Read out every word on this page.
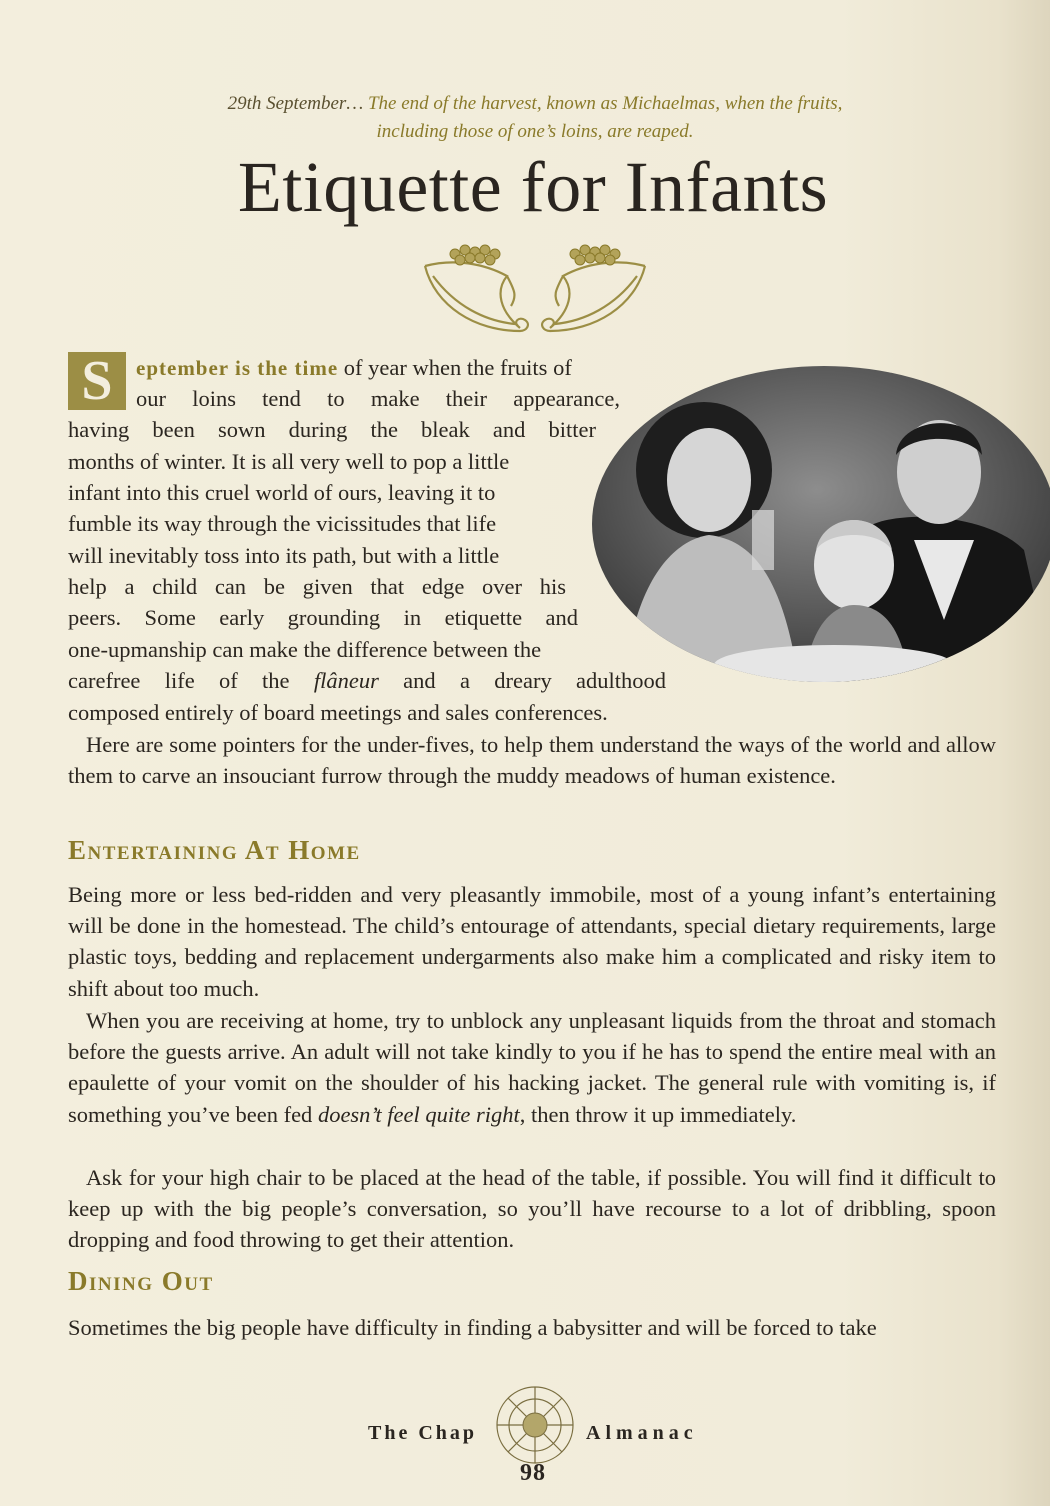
29th September… The end of the harvest, known as Michaelmas, when the fruits,
including those of one’s loins, are reaped.
Etiquette for Infants
S	eptember is the time of year when the fruits of
our loins tend to make their appearance,
having been sown during the bleak and bitter
months of winter. It is all very well to pop a little
infant into this cruel world of ours, leaving it to
fumble its way through the vicissitudes that life
will inevitably toss into its path, but with a little
help a child can be given that edge over his
peers. Some early grounding in etiquette and
one-upmanship can make the difference between the
carefree life of the flâneur and a dreary adulthood
composed entirely of board meetings and sales conferences.
Here are some pointers for the under-fives, to help them understand the ways of the world and allow them to carve an insouciant furrow through the muddy meadows of human existence.
Entertaining At Home
Being more or less bed-ridden and very pleasantly immobile, most of a young infant’s entertaining will be done in the homestead. The child’s entourage of attendants, special dietary requirements, large plastic toys, bedding and replacement undergarments also make him a complicated and risky item to shift about too much.
When you are receiving at home, try to unblock any unpleasant liquids from the throat and stomach before the guests arrive. An adult will not take kindly to you if he has to spend the entire meal with an epaulette of your vomit on the shoulder of his hacking jacket. The general rule with vomiting is, if something you’ve been fed doesn’t feel quite right, then throw it up immediately.
Ask for your high chair to be placed at the head of the table, if possible. You will find it difficult to keep up with the big people’s conversation, so you’ll have recourse to a lot of dribbling, spoon dropping and food throwing to get their attention.
Dining Out
Sometimes the big people have difficulty in finding a babysitter and will be forced to take
The Chap	Almanac
98
